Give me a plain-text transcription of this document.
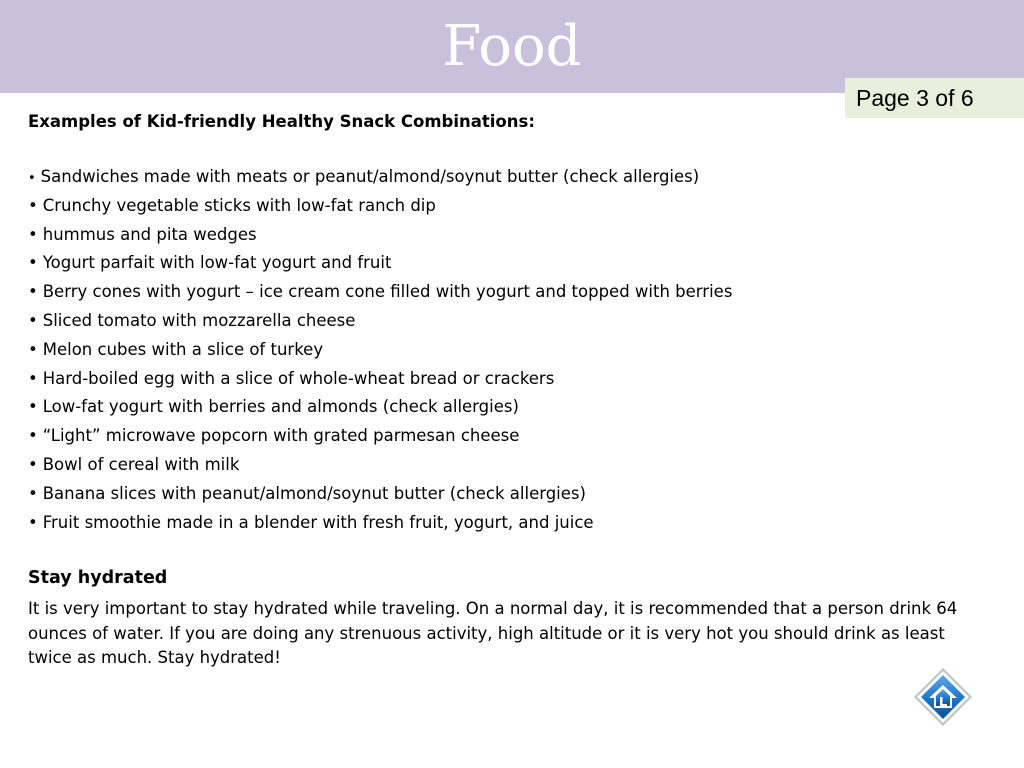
Food
Page 3 of 6
Examples of Kid-friendly Healthy Snack Combinations:
• Sandwiches made with meats or peanut/almond/soynut butter (check allergies)
• Crunchy vegetable sticks with low-fat ranch dip
• hummus and pita wedges
• Yogurt parfait with low-fat yogurt and fruit
• Berry cones with yogurt – ice cream cone filled with yogurt and topped with berries
• Sliced tomato with mozzarella cheese
• Melon cubes with a slice of turkey
• Hard-boiled egg with a slice of whole-wheat bread or crackers
• Low-fat yogurt with berries and almonds (check allergies)
• “Light” microwave popcorn with grated parmesan cheese
• Bowl of cereal with milk
• Banana slices with peanut/almond/soynut butter (check allergies)
• Fruit smoothie made in a blender with fresh fruit, yogurt, and juice
Stay hydrated

It is very important to stay hydrated while traveling. On a normal day, it is recommended that a person drink 64 ounces of water. If you are doing any strenuous activity, high altitude or it is very hot you should drink as least twice as much. Stay hydrated!
